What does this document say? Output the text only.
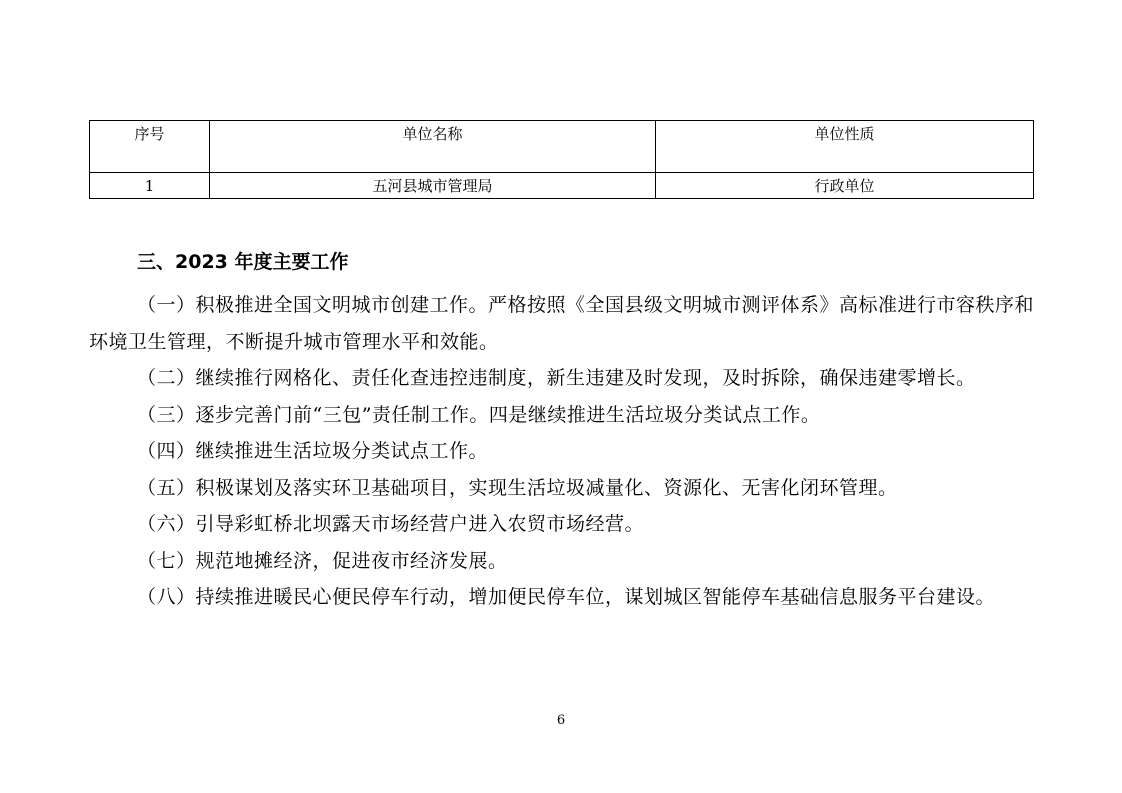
序号	单位名称	单位性质
1	五河县城市管理局	行政单位
三、2023 年度主要工作

（一）积极推进全国文明城市创建工作。严格按照《全国县级文明城市测评体系》高标准进行市容秩序和环境卫生管理，不断提升城市管理水平和效能。

（二）继续推行网格化、责任化查违控违制度，新生违建及时发现，及时拆除，确保违建零增长。

（三）逐步完善门前“三包”责任制工作。四是继续推进生活垃圾分类试点工作。

（四）继续推进生活垃圾分类试点工作。

（五）积极谋划及落实环卫基础项目，实现生活垃圾减量化、资源化、无害化闭环管理。

（六）引导彩虹桥北坝露天市场经营户进入农贸市场经营。

（七）规范地摊经济，促进夜市经济发展。

（八）持续推进暖民心便民停车行动，增加便民停车位，谋划城区智能停车基础信息服务平台建设。

6
